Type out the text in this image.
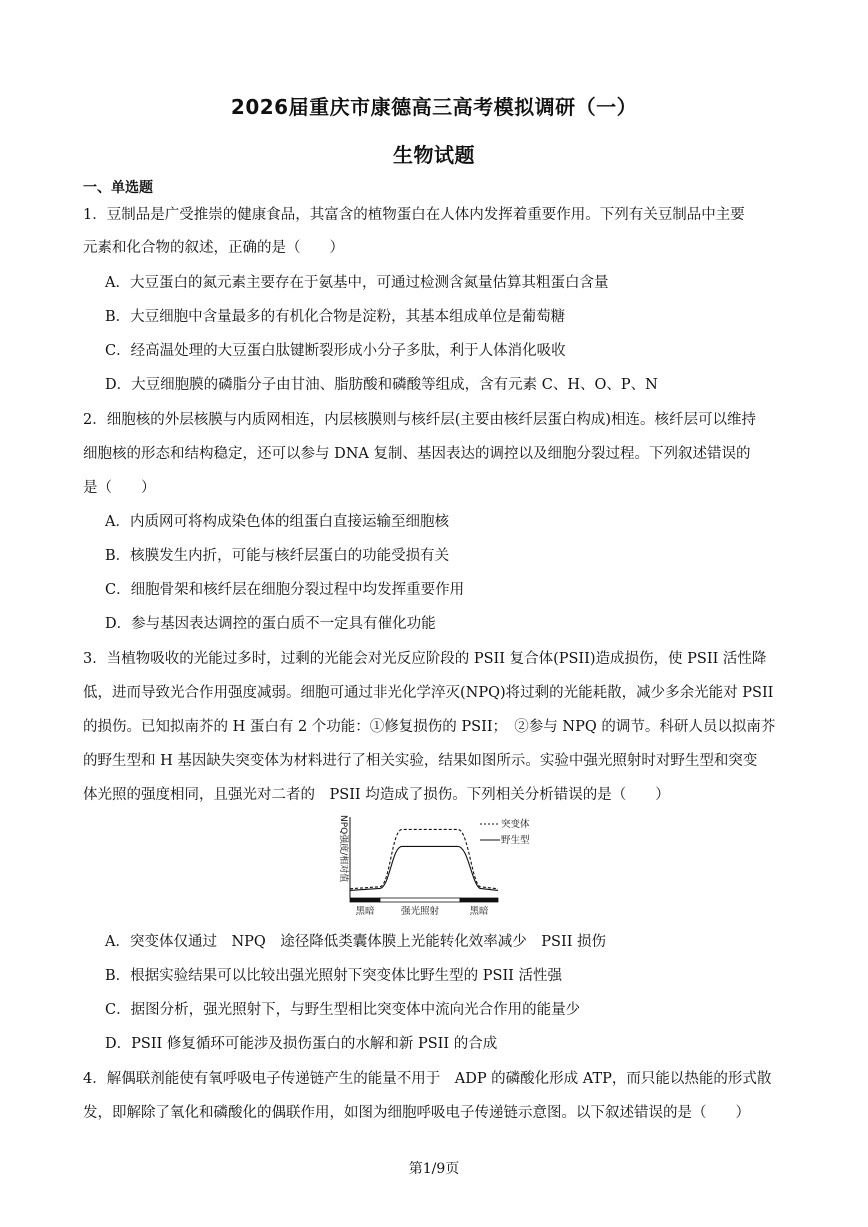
2026届重庆市康德高三高考模拟调研（一）
生物试题
一、单选题
1．豆制品是广受推崇的健康食品，其富含的植物蛋白在人体内发挥着重要作用。下列有关豆制品中主要
元素和化合物的叙述，正确的是（　　）
A．大豆蛋白的氮元素主要存在于氨基中，可通过检测含氮量估算其粗蛋白含量
B．大豆细胞中含量最多的有机化合物是淀粉，其基本组成单位是葡萄糖
C．经高温处理的大豆蛋白肽键断裂形成小分子多肽，利于人体消化吸收
D．大豆细胞膜的磷脂分子由甘油、脂肪酸和磷酸等组成，含有元素 C、H、O、P、N
2．细胞核的外层核膜与内质网相连，内层核膜则与核纤层(主要由核纤层蛋白构成)相连。核纤层可以维持
细胞核的形态和结构稳定，还可以参与 DNA 复制、基因表达的调控以及细胞分裂过程。下列叙述错误的
是（　　）
A．内质网可将构成染色体的组蛋白直接运输至细胞核
B．核膜发生内折，可能与核纤层蛋白的功能受损有关
C．细胞骨架和核纤层在细胞分裂过程中均发挥重要作用
D．参与基因表达调控的蛋白质不一定具有催化功能
3．当植物吸收的光能过多时，过剩的光能会对光反应阶段的 PSII 复合体(PSII)造成损伤，使 PSII 活性降
低，进而导致光合作用强度减弱。细胞可通过非光化学淬灭(NPQ)将过剩的光能耗散，减少多余光能对 PSII
的损伤。已知拟南芥的 H 蛋白有 2 个功能：①修复损伤的 PSII；　②参与 NPQ 的调节。科研人员以拟南芥
的野生型和 H 基因缺失突变体为材料进行了相关实验，结果如图所示。实验中强光照射时对野生型和突变
体光照的强度相同，且强光对二者的　PSII 均造成了损伤。下列相关分析错误的是（　　）
NPQ强度/相对值
黑暗	强光照射	黑暗
突变体
野生型
A．突变体仅通过　NPQ　途径降低类囊体膜上光能转化效率减少　PSII 损伤
B．根据实验结果可以比较出强光照射下突变体比野生型的 PSII 活性强
C．据图分析，强光照射下，与野生型相比突变体中流向光合作用的能量少
D．PSII 修复循环可能涉及损伤蛋白的水解和新 PSII 的合成
4．解偶联剂能使有氧呼吸电子传递链产生的能量不用于　ADP 的磷酸化形成 ATP，而只能以热能的形式散
发，即解除了氧化和磷酸化的偶联作用，如图为细胞呼吸电子传递链示意图。以下叙述错误的是（　　）
第1/9页
